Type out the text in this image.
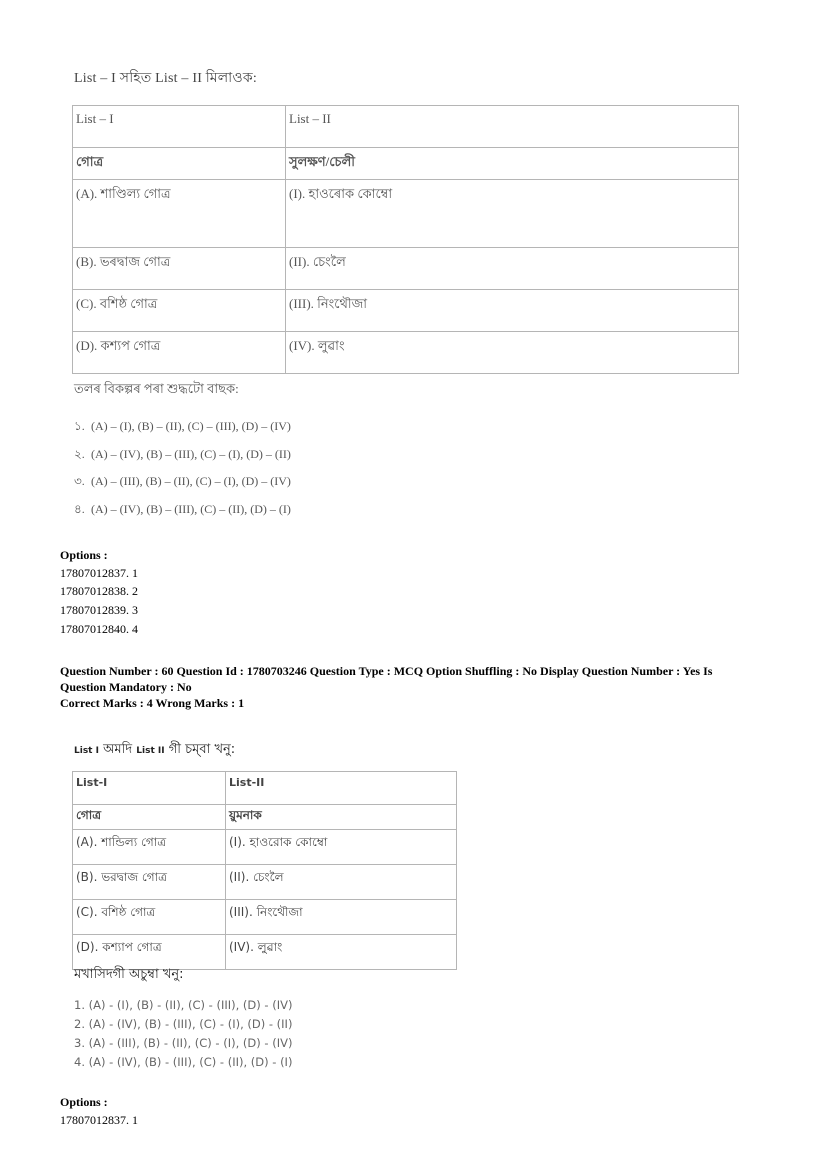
List – I সহিত List – II মিলাওক:
List – I	List – II
গোত্ৰ	সুলক্ষণ/চেলী
(A). শাণ্ডিল্য গোত্ৰ	(I). হাওৰোক কোম্বো
(B). ভৰদ্বাজ গোত্ৰ	(II). চেংলৈ
(C). বশিষ্ঠ গোত্ৰ	(III). নিংথৌজা
(D). কশ্যপ গোত্ৰ	(IV). লুৱাং
তলৰ বিকল্পৰ পৰা শুদ্ধটো বাছক:
১. (A) – (I), (B) – (II), (C) – (III), (D) – (IV)
২. (A) – (IV), (B) – (III), (C) – (I), (D) – (II)
৩. (A) – (III), (B) – (II), (C) – (I), (D) – (IV)
৪. (A) – (IV), (B) – (III), (C) – (II), (D) – (I)
Options :
17807012837. 1
17807012838. 2
17807012839. 3
17807012840. 4
Question Number : 60 Question Id : 1780703246 Question Type : MCQ Option Shuffling : No Display Question Number : Yes Is Question Mandatory : No
Correct Marks : 4 Wrong Marks : 1
List I অমদি List II গী চম্‌বা খনু:
List-I	List-II
গোত্ৰ	য়ুমনাক
(A). শান্ডিল্য গোত্ৰ	(I). হাওরোক কোম্বো
(B). ভরদ্বাজ গোত্ৰ	(II). চেংলৈ
(C). বশিষ্ঠ গোত্ৰ	(III). নিংথৌজা
(D). কশ্যাপ গোত্ৰ	(IV). লুৱাং
মখাসিদগী অচুম্বা খনু:
1. (A) - (I), (B) - (II), (C) - (III), (D) - (IV)
2. (A) - (IV), (B) - (III), (C) - (I), (D) - (II)
3. (A) - (III), (B) - (II), (C) - (I), (D) - (IV)
4. (A) - (IV), (B) - (III), (C) - (II), (D) - (I)
Options :
17807012837. 1
